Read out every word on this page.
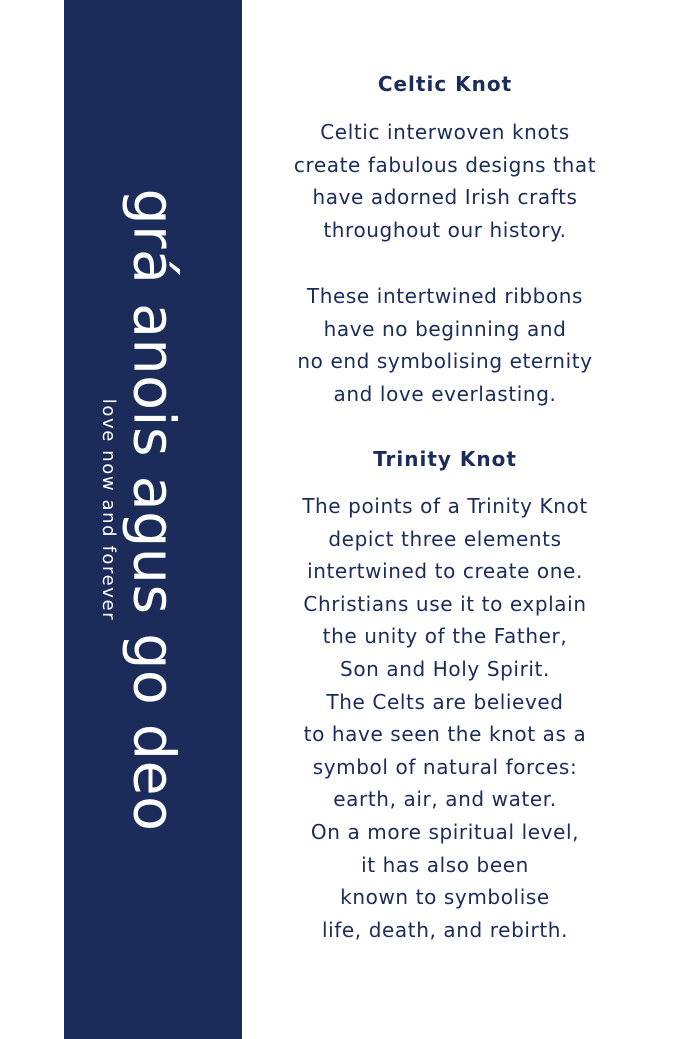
grá anois agus go deo
love now and forever
Celtic Knot
Celtic interwoven knots
create fabulous designs that
have adorned Irish crafts
throughout our history.
These intertwined ribbons
have no beginning and
no end symbolising eternity
and love everlasting.
Trinity Knot
The points of a Trinity Knot
depict three elements
intertwined to create one.
Christians use it to explain
the unity of the Father,
Son and Holy Spirit.
The Celts are believed
to have seen the knot as a
symbol of natural forces:
earth, air, and water.
On a more spiritual level,
it has also been
known to symbolise
life, death, and rebirth.
